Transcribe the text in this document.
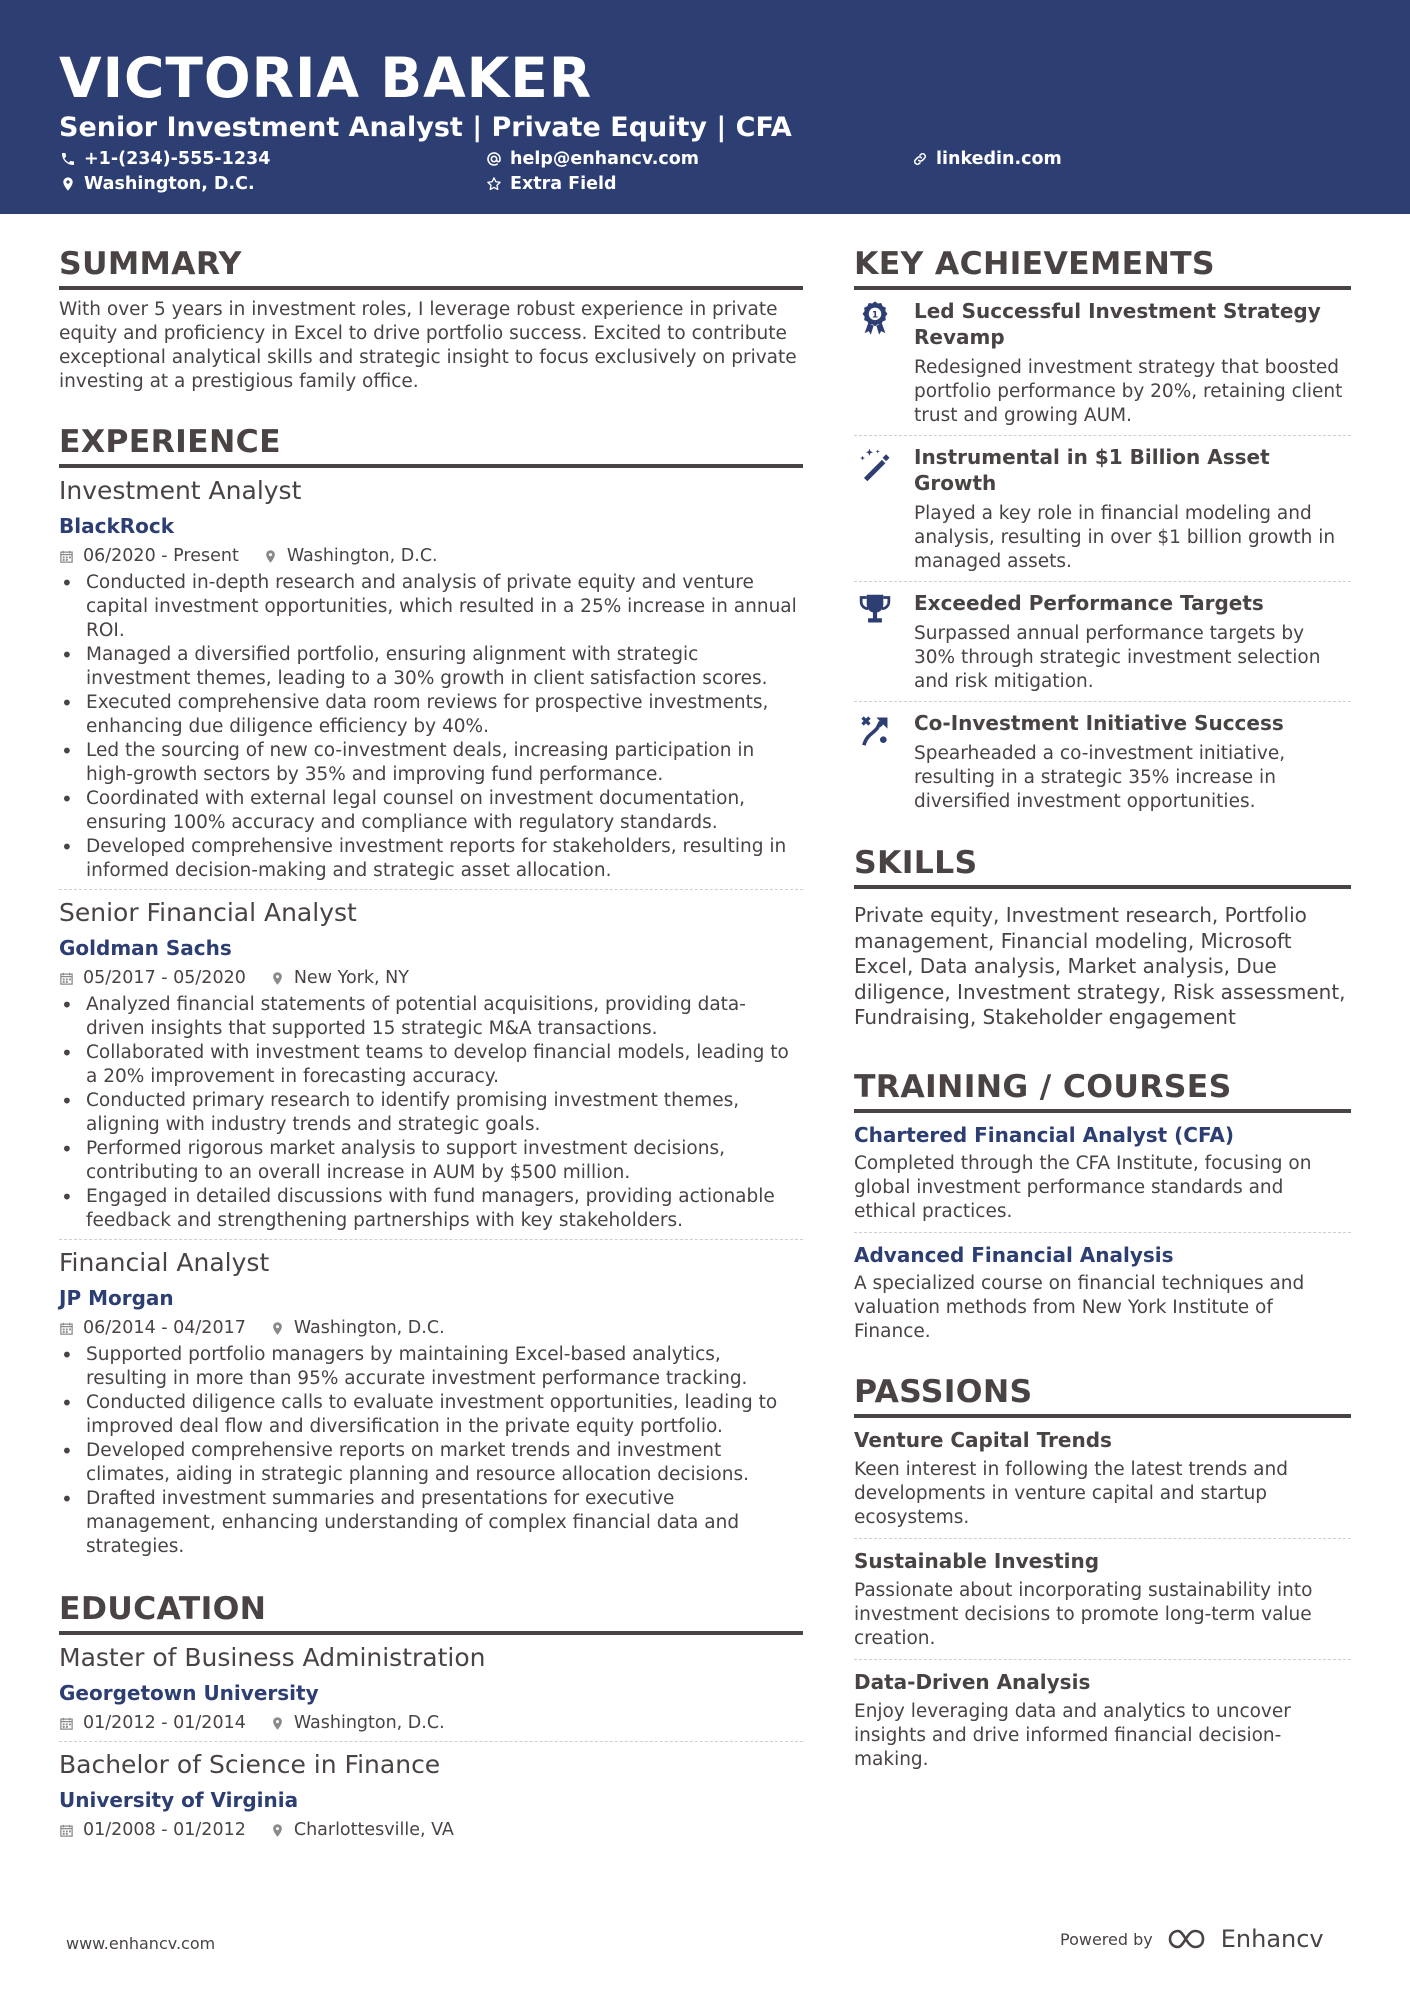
VICTORIA BAKER
Senior Investment Analyst | Private Equity | CFA
+1-(234)-555-1234	help@enhancv.com	linkedin.com
Washington, D.C.	Extra Field
SUMMARY
With over 5 years in investment roles, I leverage robust experience in private equity and proficiency in Excel to drive portfolio success. Excited to contribute exceptional analytical skills and strategic insight to focus exclusively on private investing at a prestigious family office.
EXPERIENCE
Investment Analyst
BlackRock
06/2020 - Present	Washington, D.C.
• Conducted in-depth research and analysis of private equity and venture capital investment opportunities, which resulted in a 25% increase in annual ROI.
• Managed a diversified portfolio, ensuring alignment with strategic investment themes, leading to a 30% growth in client satisfaction scores.
• Executed comprehensive data room reviews for prospective investments, enhancing due diligence efficiency by 40%.
• Led the sourcing of new co-investment deals, increasing participation in high-growth sectors by 35% and improving fund performance.
• Coordinated with external legal counsel on investment documentation, ensuring 100% accuracy and compliance with regulatory standards.
• Developed comprehensive investment reports for stakeholders, resulting in informed decision-making and strategic asset allocation.
Senior Financial Analyst
Goldman Sachs
05/2017 - 05/2020	New York, NY
• Analyzed financial statements of potential acquisitions, providing data-driven insights that supported 15 strategic M&A transactions.
• Collaborated with investment teams to develop financial models, leading to a 20% improvement in forecasting accuracy.
• Conducted primary research to identify promising investment themes, aligning with industry trends and strategic goals.
• Performed rigorous market analysis to support investment decisions, contributing to an overall increase in AUM by $500 million.
• Engaged in detailed discussions with fund managers, providing actionable feedback and strengthening partnerships with key stakeholders.
Financial Analyst
JP Morgan
06/2014 - 04/2017	Washington, D.C.
• Supported portfolio managers by maintaining Excel-based analytics, resulting in more than 95% accurate investment performance tracking.
• Conducted diligence calls to evaluate investment opportunities, leading to improved deal flow and diversification in the private equity portfolio.
• Developed comprehensive reports on market trends and investment climates, aiding in strategic planning and resource allocation decisions.
• Drafted investment summaries and presentations for executive management, enhancing understanding of complex financial data and strategies.
EDUCATION
Master of Business Administration
Georgetown University
01/2012 - 01/2014	Washington, D.C.
Bachelor of Science in Finance
University of Virginia
01/2008 - 01/2012	Charlottesville, VA
KEY ACHIEVEMENTS
1 Led Successful Investment Strategy Revamp
Redesigned investment strategy that boosted portfolio performance by 20%, retaining client trust and growing AUM.
Instrumental in $1 Billion Asset Growth
Played a key role in financial modeling and analysis, resulting in over $1 billion growth in managed assets.
Exceeded Performance Targets
Surpassed annual performance targets by 30% through strategic investment selection and risk mitigation.
Co-Investment Initiative Success
Spearheaded a co-investment initiative, resulting in a strategic 35% increase in diversified investment opportunities.
SKILLS
Private equity, Investment research, Portfolio management, Financial modeling, Microsoft Excel, Data analysis, Market analysis, Due diligence, Investment strategy, Risk assessment, Fundraising, Stakeholder engagement
TRAINING / COURSES
Chartered Financial Analyst (CFA)
Completed through the CFA Institute, focusing on global investment performance standards and ethical practices.
Advanced Financial Analysis
A specialized course on financial techniques and valuation methods from New York Institute of Finance.
PASSIONS
Venture Capital Trends
Keen interest in following the latest trends and developments in venture capital and startup ecosystems.
Sustainable Investing
Passionate about incorporating sustainability into investment decisions to promote long-term value creation.
Data-Driven Analysis
Enjoy leveraging data and analytics to uncover insights and drive informed financial decision-making.
www.enhancv.com	Powered by	Enhancv
